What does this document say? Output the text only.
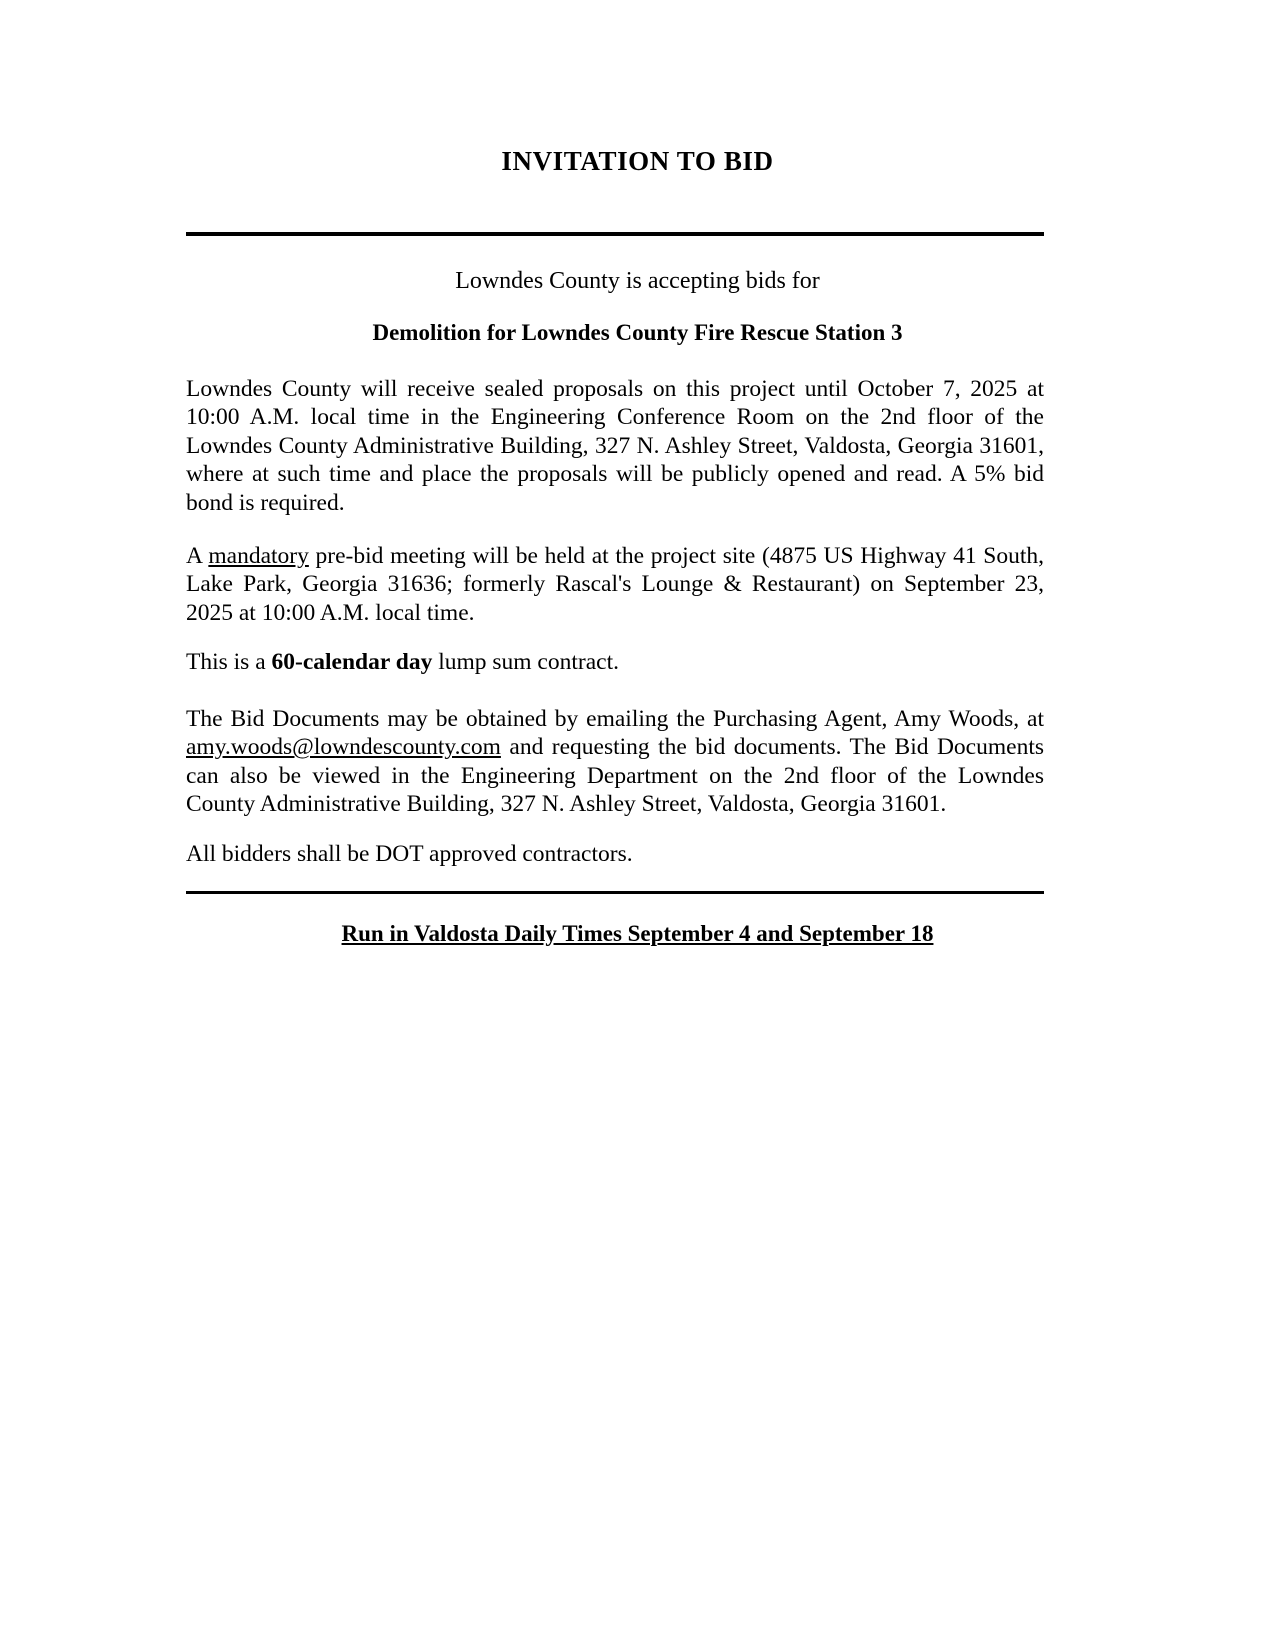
INVITATION TO BID
Lowndes County is accepting bids for
Demolition for Lowndes County Fire Rescue Station 3
Lowndes County will receive sealed proposals on this project until October 7, 2025 at 10:00 A.M. local time in the Engineering Conference Room on the 2nd floor of the Lowndes County Administrative Building, 327 N. Ashley Street, Valdosta, Georgia 31601, where at such time and place the proposals will be publicly opened and read. A 5% bid bond is required.
A mandatory pre-bid meeting will be held at the project site (4875 US Highway 41 South, Lake Park, Georgia 31636; formerly Rascal's Lounge & Restaurant) on September 23, 2025 at 10:00 A.M. local time.
This is a 60-calendar day lump sum contract.
The Bid Documents may be obtained by emailing the Purchasing Agent, Amy Woods, at amy.woods@lowndescounty.com and requesting the bid documents. The Bid Documents can also be viewed in the Engineering Department on the 2nd floor of the Lowndes County Administrative Building, 327 N. Ashley Street, Valdosta, Georgia 31601.
All bidders shall be DOT approved contractors.
Run in Valdosta Daily Times September 4 and September 18
